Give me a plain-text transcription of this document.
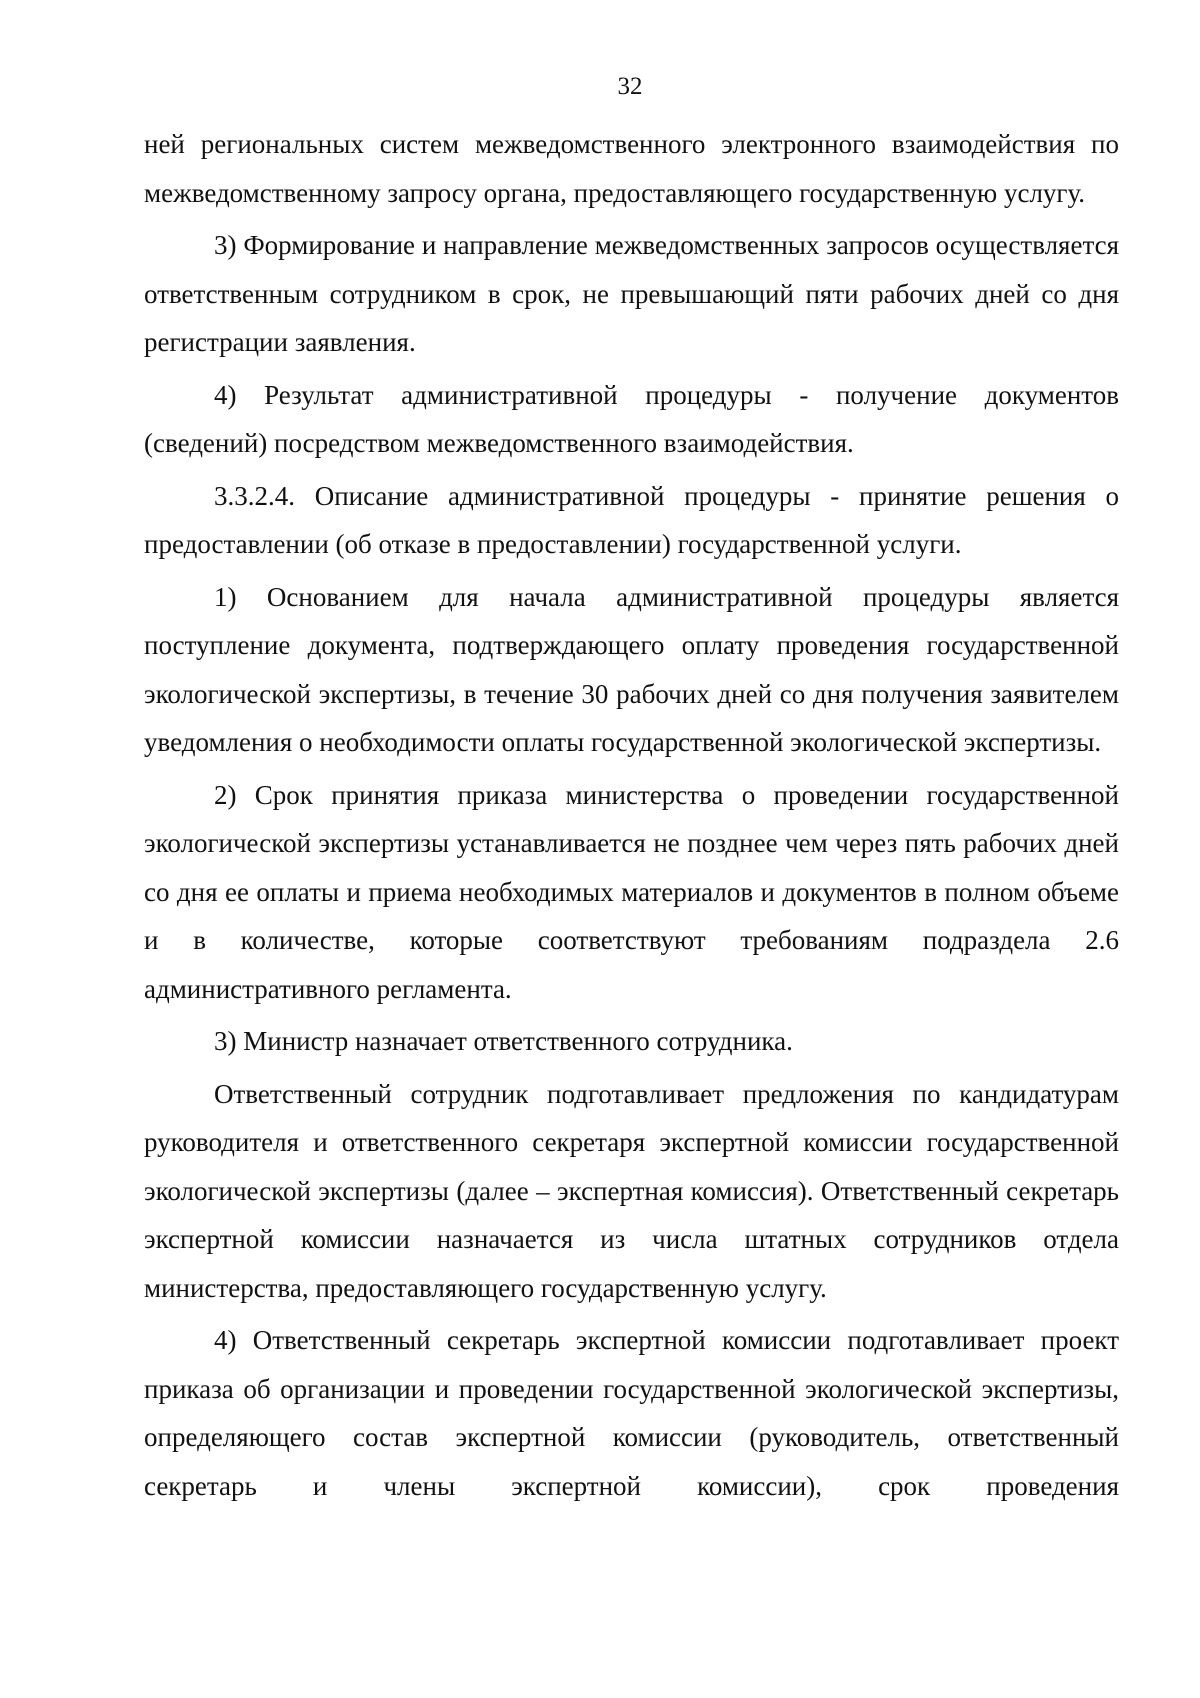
32

ней региональных систем межведомственного электронного взаимодействия по межведомственному запросу органа, предоставляющего государственную услугу.

3) Формирование и направление межведомственных запросов осуществляется ответственным сотрудником в срок, не превышающий пяти рабочих дней со дня регистрации заявления.

4) Результат административной процедуры - получение документов (сведений) посредством межведомственного взаимодействия.

3.3.2.4. Описание административной процедуры - принятие решения о предоставлении (об отказе в предоставлении) государственной услуги.

1) Основанием для начала административной процедуры является поступление документа, подтверждающего оплату проведения государственной экологической экспертизы, в течение 30 рабочих дней со дня получения заявителем уведомления о необходимости оплаты государственной экологической экспертизы.

2) Срок принятия приказа министерства о проведении государственной экологической экспертизы устанавливается не позднее чем через пять рабочих дней со дня ее оплаты и приема необходимых материалов и документов в полном объеме и в количестве, которые соответствуют требованиям подраздела 2.6 административного регламента.

3) Министр назначает ответственного сотрудника.

Ответственный сотрудник подготавливает предложения по кандидатурам руководителя и ответственного секретаря экспертной комиссии государственной экологической экспертизы (далее – экспертная комиссия). Ответственный секретарь экспертной комиссии назначается из числа штатных сотрудников отдела министерства, предоставляющего государственную услугу.

4) Ответственный секретарь экспертной комиссии подготавливает проект приказа об организации и проведении государственной экологической экспертизы, определяющего состав экспертной комиссии (руководитель, ответственный секретарь и члены экспертной комиссии), срок проведения
